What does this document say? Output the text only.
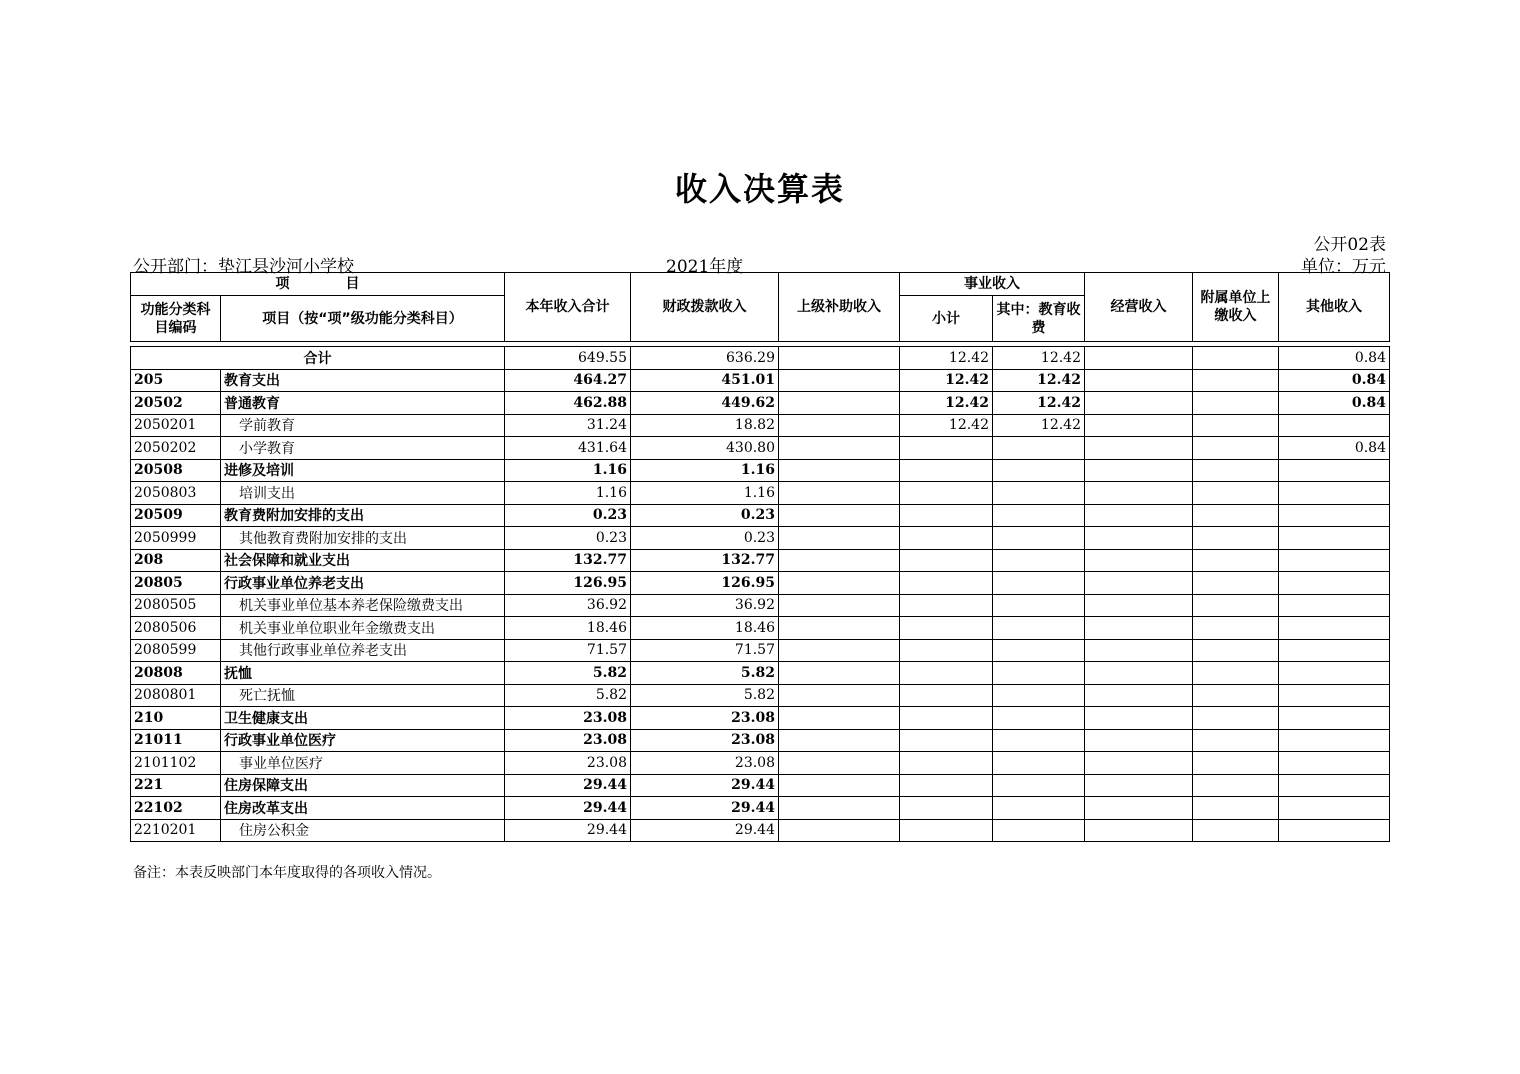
收入决算表
公开02表
公开部门：垫江县沙河小学校	2021年度	单位：万元
项　　　　目		本年收入合计	财政拨款收入	上级补助收入	事业收入		经营收入	附属单位上缴收入	其他收入
功能分类科目编码	项目（按“项”级功能分类科目）								
					小计	其中：教育收费			

合计		649.55	636.29		12.42	12.42			0.84
205	教育支出	464.27	451.01		12.42	12.42			0.84
20502	普通教育	462.88	449.62		12.42	12.42			0.84
2050201	学前教育	31.24	18.82		12.42	12.42			
2050202	小学教育	431.64	430.80						0.84
20508	进修及培训	1.16	1.16						
2050803	培训支出	1.16	1.16						
20509	教育费附加安排的支出	0.23	0.23						
2050999	其他教育费附加安排的支出	0.23	0.23						
208	社会保障和就业支出	132.77	132.77						
20805	行政事业单位养老支出	126.95	126.95						
2080505	机关事业单位基本养老保险缴费支出	36.92	36.92						
2080506	机关事业单位职业年金缴费支出	18.46	18.46						
2080599	其他行政事业单位养老支出	71.57	71.57						
20808	抚恤	5.82	5.82						
2080801	死亡抚恤	5.82	5.82						
210	卫生健康支出	23.08	23.08						
21011	行政事业单位医疗	23.08	23.08						
2101102	事业单位医疗	23.08	23.08						
221	住房保障支出	29.44	29.44						
22102	住房改革支出	29.44	29.44						
2210201	住房公积金	29.44	29.44						
备注：本表反映部门本年度取得的各项收入情况。
